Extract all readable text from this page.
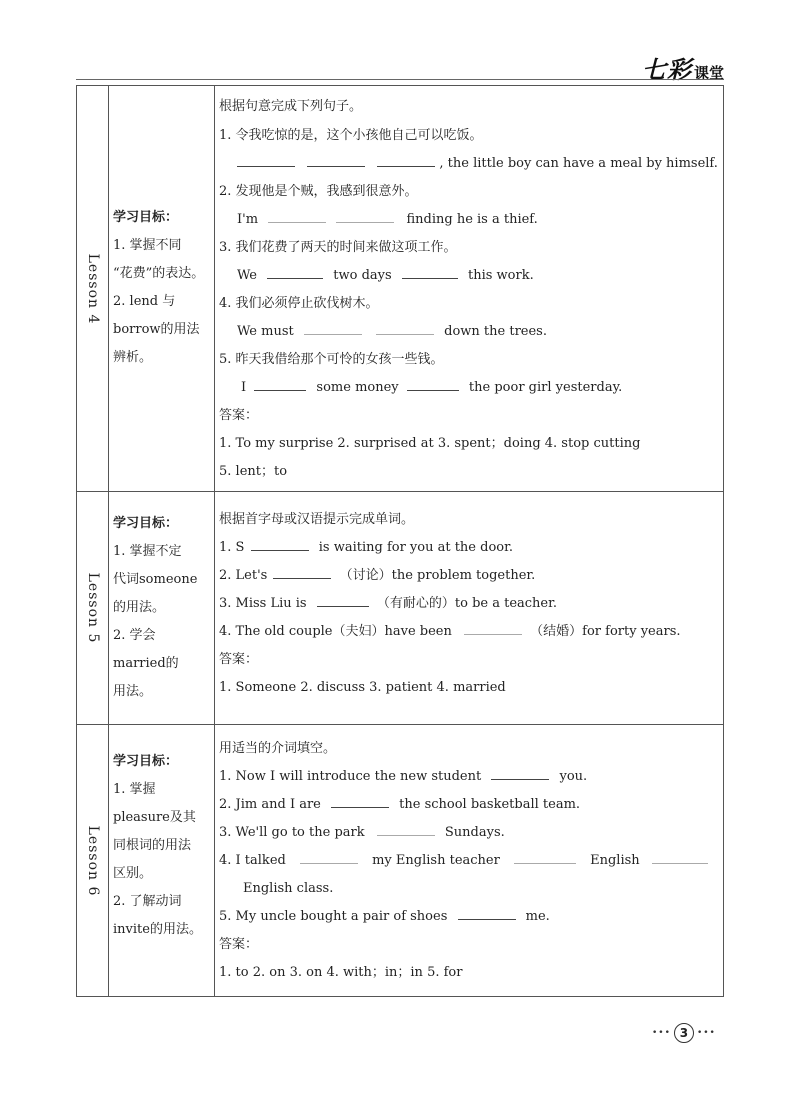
七彩 课堂
Lesson 4
学习目标：
1. 掌握不同
“花费”的表达。
2. lend 与
borrow的用法
辨析。
根据句意完成下列句子。
1. 令我吃惊的是，这个小孩他自己可以吃饭。
, the little boy can have a meal by himself.
2. 发现他是个贼，我感到很意外。
I'm	finding he is a thief.
3. 我们花费了两天的时间来做这项工作。
We	two days	this work.
4. 我们必须停止砍伐树木。
We must	down the trees.
5. 昨天我借给那个可怜的女孩一些钱。
I	some money	the poor girl yesterday.
答案：
1. To my surprise 2. surprised at 3. spent；doing 4. stop cutting
5. lent；to
Lesson 5
学习目标：
1. 掌握不定
代词someone
的用法。
2. 学会
married的
用法。
根据首字母或汉语提示完成单词。
1. S	is waiting for you at the door.
2. Let's	（讨论）the problem together.
3. Miss Liu is	（有耐心的）to be a teacher.
4. The old couple（夫妇）have been	（结婚）for forty years.
答案：
1. Someone 2. discuss 3. patient 4. married
Lesson 6
学习目标：
1. 掌握
pleasure及其
同根词的用法
区别。
2. 了解动词
invite的用法。
用适当的介词填空。
1. Now I will introduce the new student	you.
2. Jim and I are	the school basketball team.
3. We'll go to the park	Sundays.
4. I talked	my English teacher	English
English class.
5. My uncle bought a pair of shoes	me.
答案：
1. to 2. on 3. on 4. with；in；in 5. for
••• 3 •••
